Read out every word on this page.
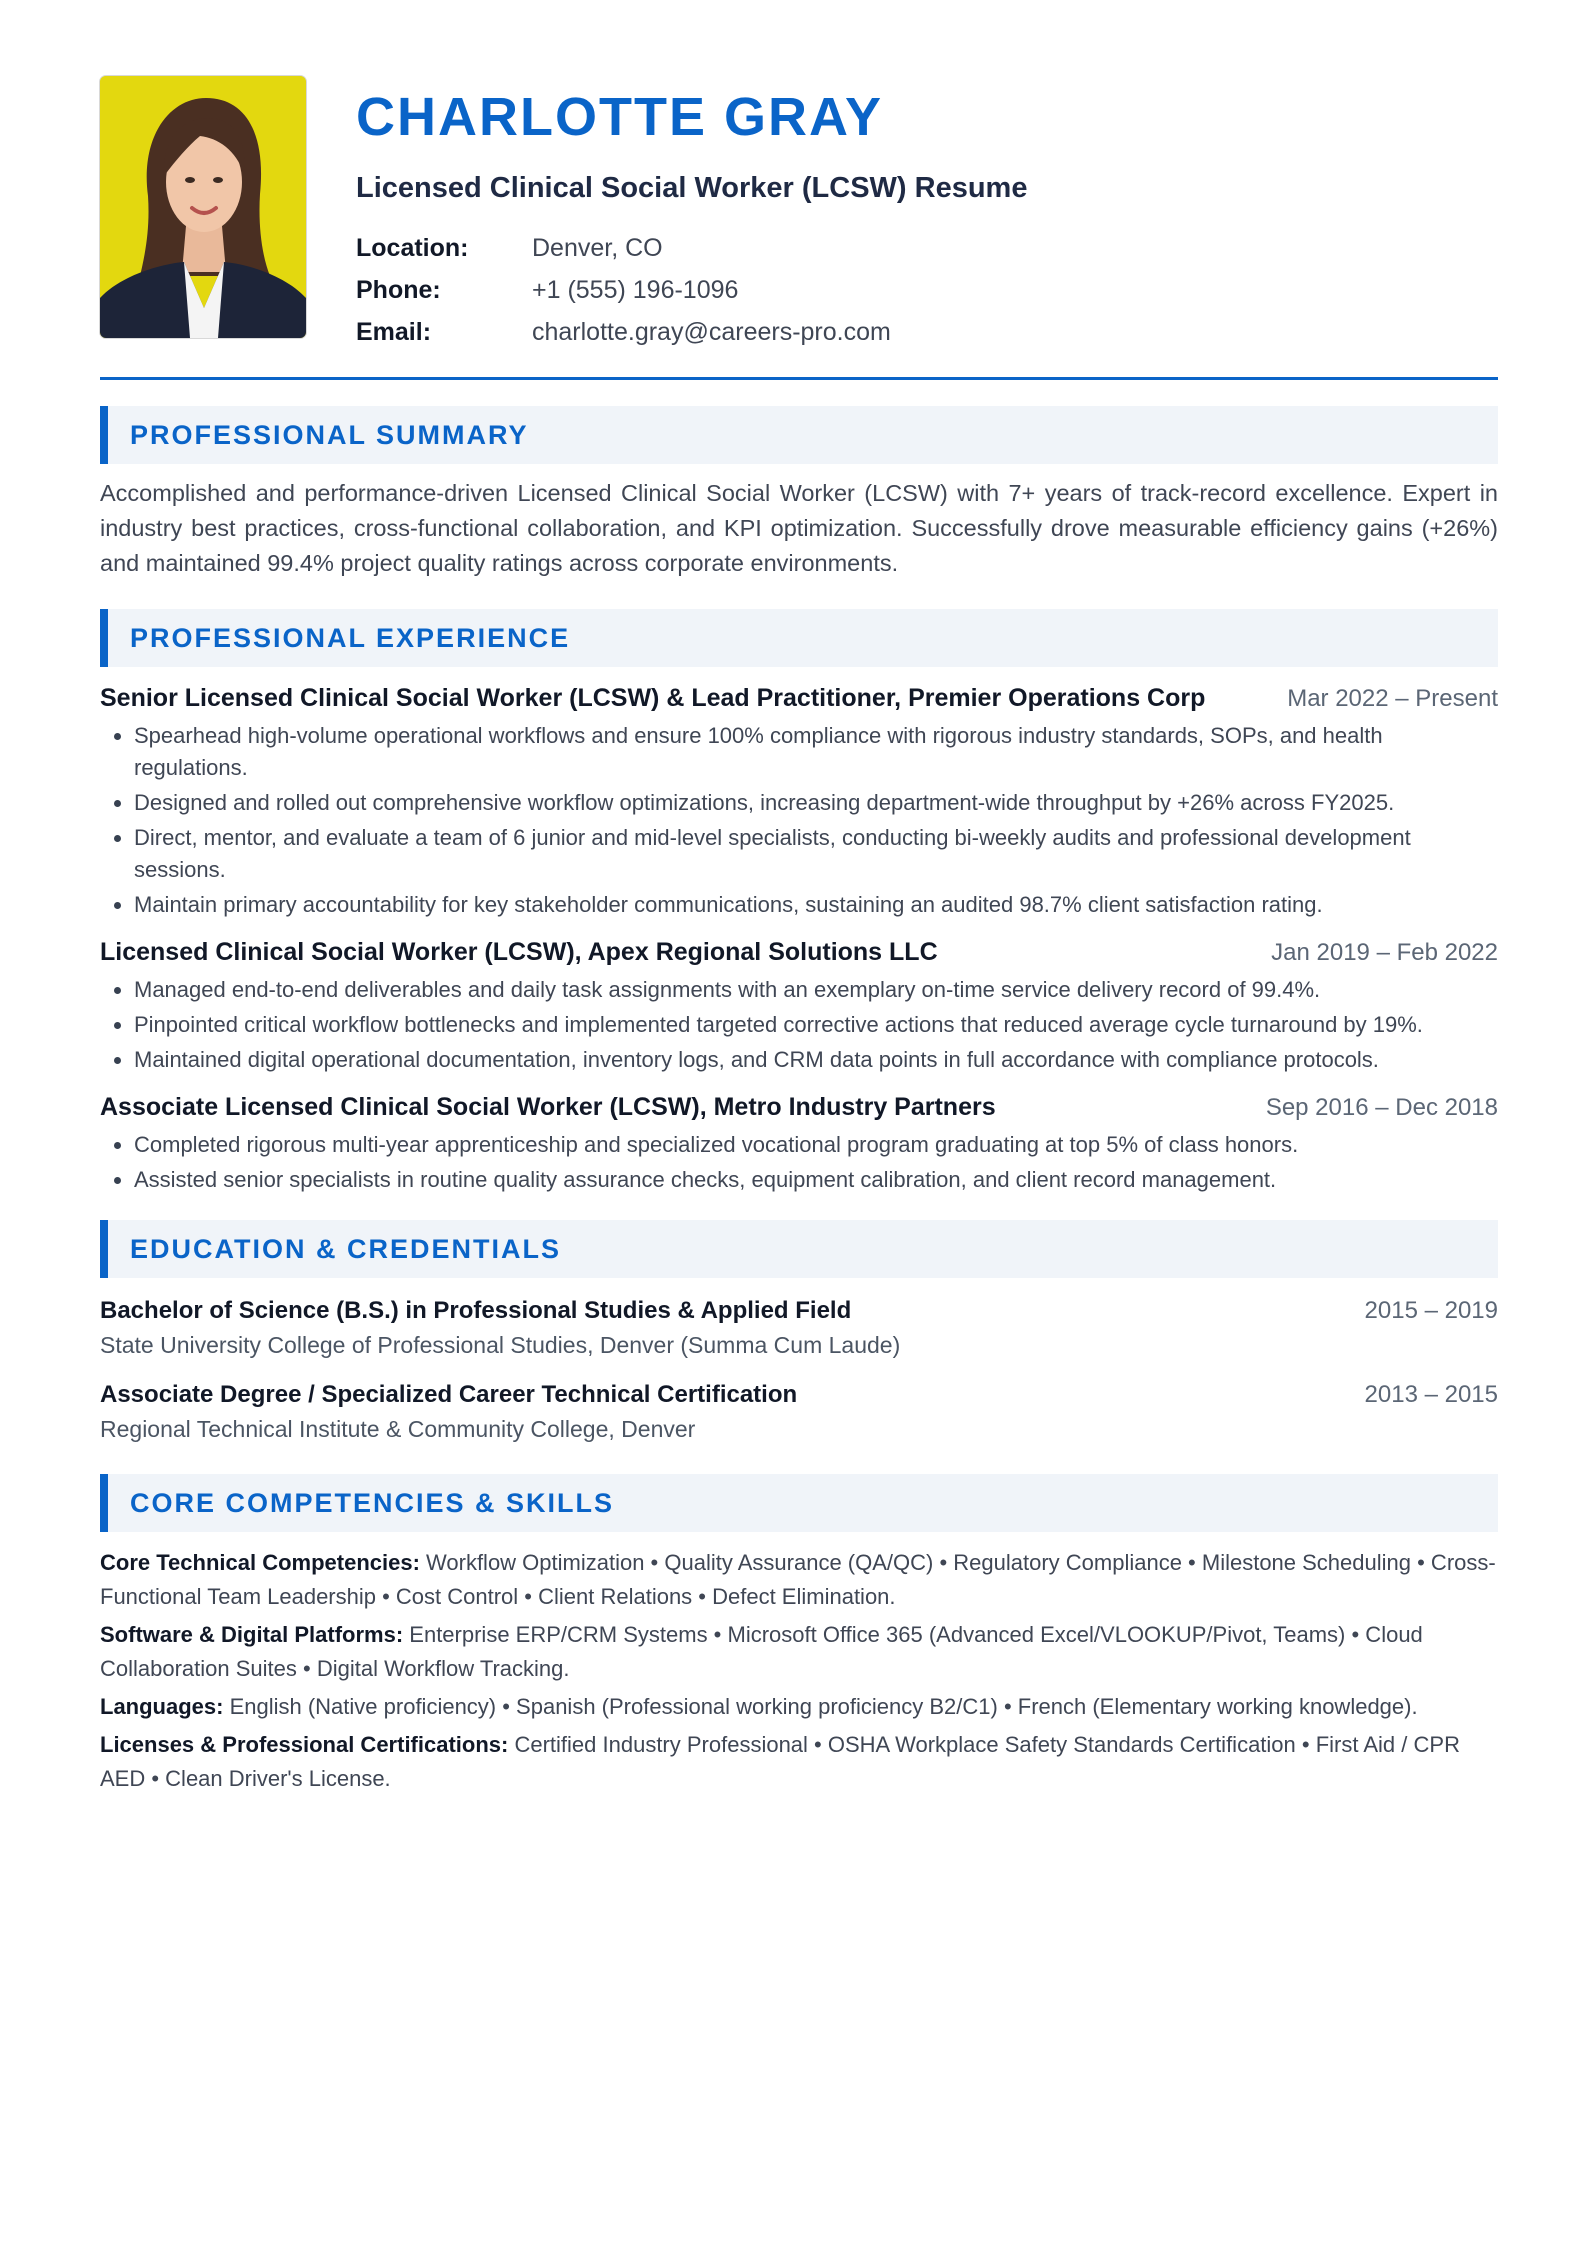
CHARLOTTE GRAY
Licensed Clinical Social Worker (LCSW) Resume
Location:	Denver, CO
Phone:	+1 (555) 196-1096
Email:	charlotte.gray@careers-pro.com
PROFESSIONAL SUMMARY
Accomplished and performance-driven Licensed Clinical Social Worker (LCSW) with 7+ years of track-record excellence. Expert in industry best practices, cross-functional collaboration, and KPI optimization. Successfully drove measurable efficiency gains (+26%) and maintained 99.4% project quality ratings across corporate environments.
PROFESSIONAL EXPERIENCE
Senior Licensed Clinical Social Worker (LCSW) & Lead Practitioner, Premier Operations Corp	Mar 2022 – Present
• Spearhead high-volume operational workflows and ensure 100% compliance with rigorous industry standards, SOPs, and health regulations.
• Designed and rolled out comprehensive workflow optimizations, increasing department-wide throughput by +26% across FY2025.
• Direct, mentor, and evaluate a team of 6 junior and mid-level specialists, conducting bi-weekly audits and professional development sessions.
• Maintain primary accountability for key stakeholder communications, sustaining an audited 98.7% client satisfaction rating.
Licensed Clinical Social Worker (LCSW), Apex Regional Solutions LLC	Jan 2019 – Feb 2022
• Managed end-to-end deliverables and daily task assignments with an exemplary on-time service delivery record of 99.4%.
• Pinpointed critical workflow bottlenecks and implemented targeted corrective actions that reduced average cycle turnaround by 19%.
• Maintained digital operational documentation, inventory logs, and CRM data points in full accordance with compliance protocols.
Associate Licensed Clinical Social Worker (LCSW), Metro Industry Partners	Sep 2016 – Dec 2018
• Completed rigorous multi-year apprenticeship and specialized vocational program graduating at top 5% of class honors.
• Assisted senior specialists in routine quality assurance checks, equipment calibration, and client record management.
EDUCATION & CREDENTIALS
Bachelor of Science (B.S.) in Professional Studies & Applied Field	2015 – 2019
State University College of Professional Studies, Denver (Summa Cum Laude)
Associate Degree / Specialized Career Technical Certification	2013 – 2015
Regional Technical Institute & Community College, Denver
CORE COMPETENCIES & SKILLS
Core Technical Competencies: Workflow Optimization • Quality Assurance (QA/QC) • Regulatory Compliance • Milestone Scheduling • Cross-Functional Team Leadership • Cost Control • Client Relations • Defect Elimination.
Software & Digital Platforms: Enterprise ERP/CRM Systems • Microsoft Office 365 (Advanced Excel/VLOOKUP/Pivot, Teams) • Cloud Collaboration Suites • Digital Workflow Tracking.
Languages: English (Native proficiency) • Spanish (Professional working proficiency B2/C1) • French (Elementary working knowledge).
Licenses & Professional Certifications: Certified Industry Professional • OSHA Workplace Safety Standards Certification • First Aid / CPR AED • Clean Driver's License.
